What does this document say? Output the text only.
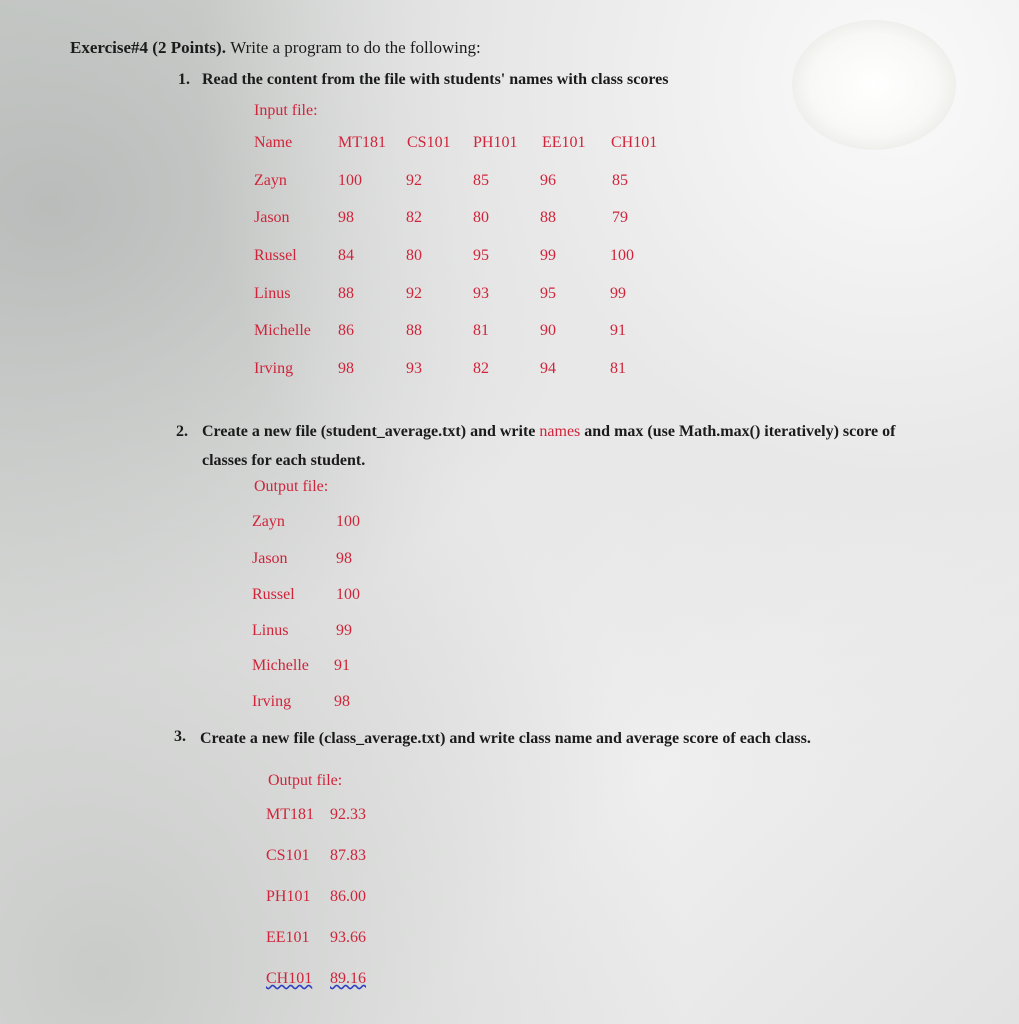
Exercise#4 (2 Points). Write a program to do the following:
1. Read the content from the file with students' names with class scores
Input file:
Name	MT181 CS101 PH101 EE101 CH101
Zayn	100	92	85	96	85
Jason	98	82	80	88	79
Russel	84	80	95	99	100
Linus	88	92	93	95	99
Michelle 86	88	81	90	91
Irving	98	93	82	94	81
2. Create a new file (student_average.txt) and write names and max (use Math.max() iteratively) score of
classes for each student.
Output file:
Zayn	100
Jason	98
Russel	100
Linus	99
Michelle 91
Irving	98
3. Create a new file (class_average.txt) and write class name and average score of each class.
Output file:
MT181 92.33
CS101 87.83
PH101 86.00
EE101 93.66
CH101 89.16
